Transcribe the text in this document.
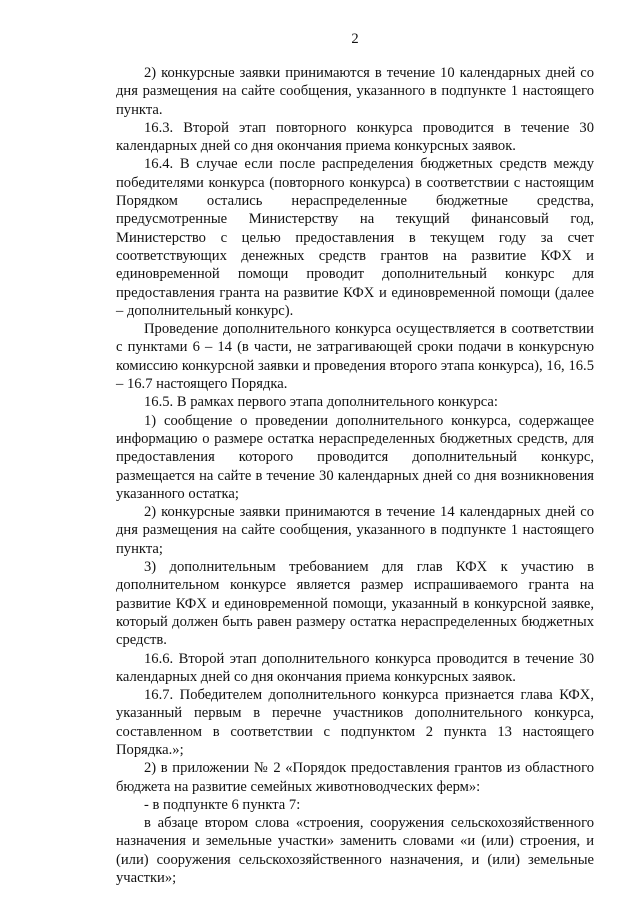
2

2) конкурсные заявки принимаются в течение 10 календарных дней со дня размещения на сайте сообщения, указанного в подпункте 1 настоящего пункта.

16.3. Второй этап повторного конкурса проводится в течение 30 календарных дней со дня окончания приема конкурсных заявок.

16.4. В случае если после распределения бюджетных средств между победителями конкурса (повторного конкурса) в соответствии с настоящим Порядком остались нераспределенные бюджетные средства, предусмотренные Министерству на текущий финансовый год, Министерство с целью предоставления в текущем году за счет соответствующих денежных средств грантов на развитие КФХ и единовременной помощи проводит дополнительный конкурс для предоставления гранта на развитие КФХ и единовременной помощи (далее – дополнительный конкурс).

Проведение дополнительного конкурса осуществляется в соответствии с пунктами 6 – 14 (в части, не затрагивающей сроки подачи в конкурсную комиссию конкурсной заявки и проведения второго этапа конкурса), 16, 16.5 – 16.7 настоящего Порядка.

16.5. В рамках первого этапа дополнительного конкурса:

1) сообщение о проведении дополнительного конкурса, содержащее информацию о размере остатка нераспределенных бюджетных средств, для предоставления которого проводится дополнительный конкурс, размещается на сайте в течение 30 календарных дней со дня возникновения указанного остатка;

2) конкурсные заявки принимаются в течение 14 календарных дней со дня размещения на сайте сообщения, указанного в подпункте 1 настоящего пункта;

3) дополнительным требованием для глав КФХ к участию в дополнительном конкурсе является размер испрашиваемого гранта на развитие КФХ и единовременной помощи, указанный в конкурсной заявке, который должен быть равен размеру остатка нераспределенных бюджетных средств.

16.6. Второй этап дополнительного конкурса проводится в течение 30 календарных дней со дня окончания приема конкурсных заявок.

16.7. Победителем дополнительного конкурса признается глава КФХ, указанный первым в перечне участников дополнительного конкурса, составленном в соответствии с подпунктом 2 пункта 13 настоящего Порядка.»;

2) в приложении № 2 «Порядок предоставления грантов из областного бюджета на развитие семейных животноводческих ферм»:

- в подпункте 6 пункта 7:

в абзаце втором слова «строения, сооружения сельскохозяйственного назначения и земельные участки» заменить словами «и (или) строения, и (или) сооружения сельскохозяйственного назначения, и (или) земельные участки»;
